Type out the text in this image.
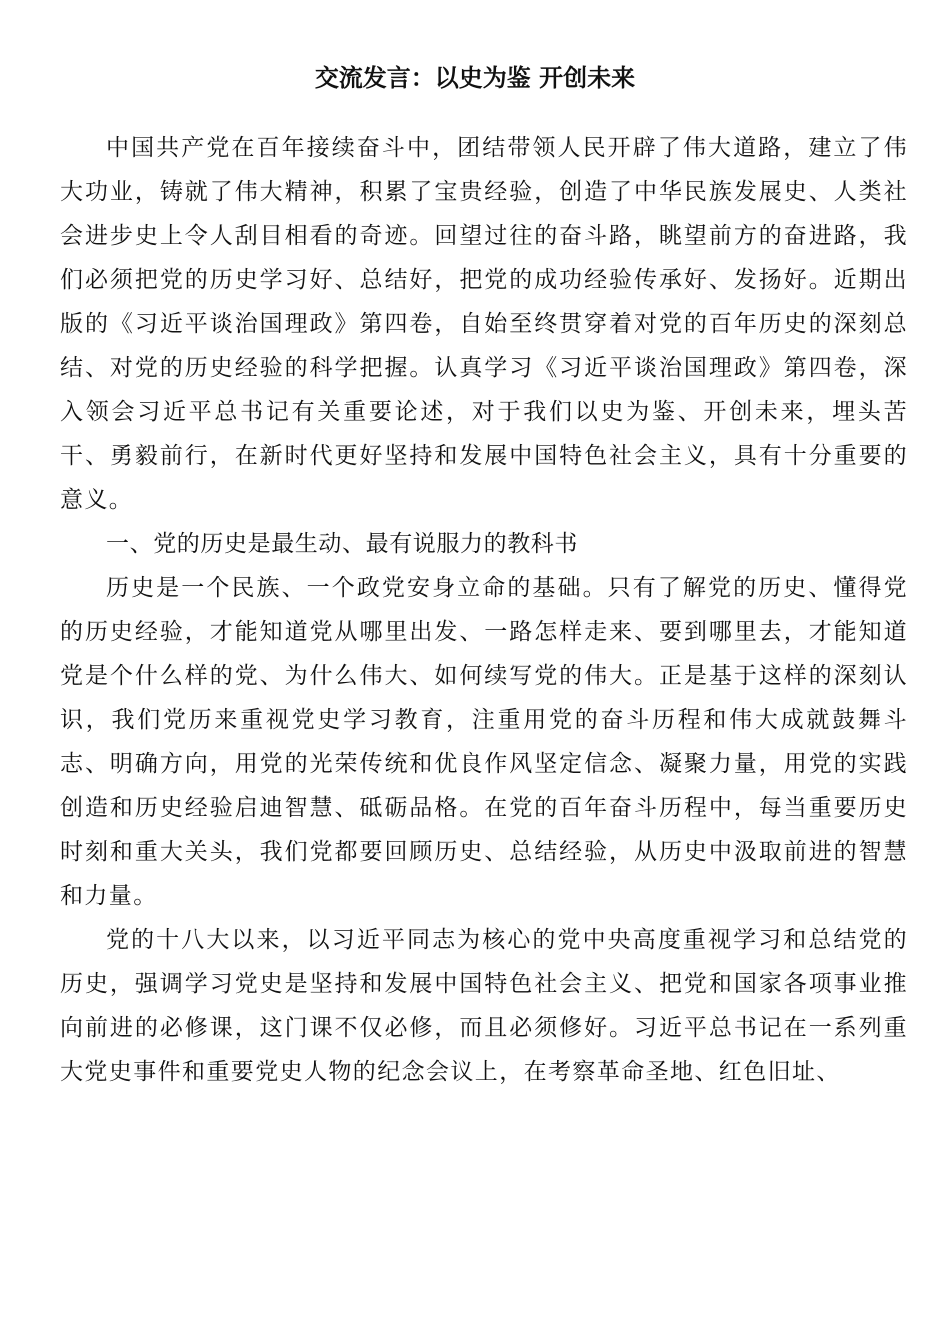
交流发言：以史为鉴 开创未来

中国共产党在百年接续奋斗中，团结带领人民开辟了伟大道路，建立了伟大功业，铸就了伟大精神，积累了宝贵经验，创造了中华民族发展史、人类社会进步史上令人刮目相看的奇迹。回望过往的奋斗路，眺望前方的奋进路，我们必须把党的历史学习好、总结好，把党的成功经验传承好、发扬好。近期出版的《习近平谈治国理政》第四卷，自始至终贯穿着对党的百年历史的深刻总结、对党的历史经验的科学把握。认真学习《习近平谈治国理政》第四卷，深入领会习近平总书记有关重要论述，对于我们以史为鉴、开创未来，埋头苦干、勇毅前行，在新时代更好坚持和发展中国特色社会主义，具有十分重要的意义。

一、党的历史是最生动、最有说服力的教科书

历史是一个民族、一个政党安身立命的基础。只有了解党的历史、懂得党的历史经验，才能知道党从哪里出发、一路怎样走来、要到哪里去，才能知道党是个什么样的党、为什么伟大、如何续写党的伟大。正是基于这样的深刻认识，我们党历来重视党史学习教育，注重用党的奋斗历程和伟大成就鼓舞斗志、明确方向，用党的光荣传统和优良作风坚定信念、凝聚力量，用党的实践创造和历史经验启迪智慧、砥砺品格。在党的百年奋斗历程中，每当重要历史时刻和重大关头，我们党都要回顾历史、总结经验，从历史中汲取前进的智慧和力量。

党的十八大以来，以习近平同志为核心的党中央高度重视学习和总结党的历史，强调学习党史是坚持和发展中国特色社会主义、把党和国家各项事业推向前进的必修课，这门课不仅必修，而且必须修好。习近平总书记在一系列重大党史事件和重要党史人物的纪念会议上，在考察革命圣地、红色旧址、
